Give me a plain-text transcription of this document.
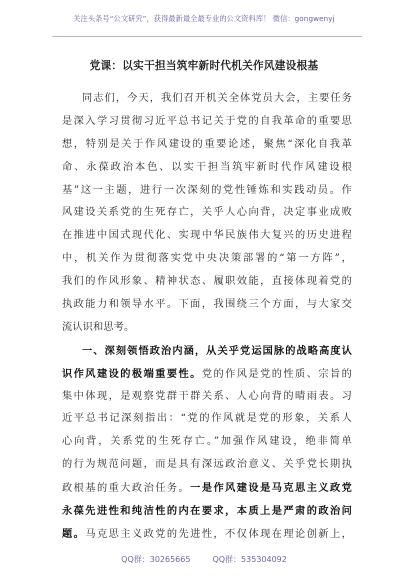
关注头条号“公文研究”，获得最新最全最专业的公文资料库！ 微信：gongwenyj
党课：以实干担当筑牢新时代机关作风建设根基
同志们，今天，我们召开机关全体党员大会，主要任务
是深入学习贯彻习近平总书记关于党的自我革命的重要思
想，特别是关于作风建设的重要论述，聚焦“深化自我革
命、永葆政治本色、以实干担当筑牢新时代作风建设根
基”这一主题，进行一次深刻的党性锤炼和实践动员。作
风建设关系党的生死存亡，关乎人心向背，决定事业成败
在推进中国式现代化、实现中华民族伟大复兴的历史进程
中，机关作为贯彻落实党中央决策部署的“第一方阵”，
我们的作风形象、精神状态、履职效能，直接体现着党的
执政能力和领导水平。下面，我围绕三个方面，与大家交
流认识和思考。
一、深刻领悟政治内涵，从关乎党运国脉的战略高度认
识作风建设的极端重要性。党的作风是党的性质、宗旨的
集中体现，是观察党群干群关系、人心向背的晴雨表。习
近平总书记深刻指出：“党的作风就是党的形象，关系人
心向背，关系党的生死存亡。”加强作风建设，绝非简单
的行为规范问题，而是具有深远政治意义、关乎党长期执
政根基的重大政治任务。一是作风建设是马克思主义政党
永葆先进性和纯洁性的内在要求，本质上是严肃的政治问
题。马克思主义政党的先进性，不仅体现在理论创新上，
QQ群：30265665	QQ群：535304092
